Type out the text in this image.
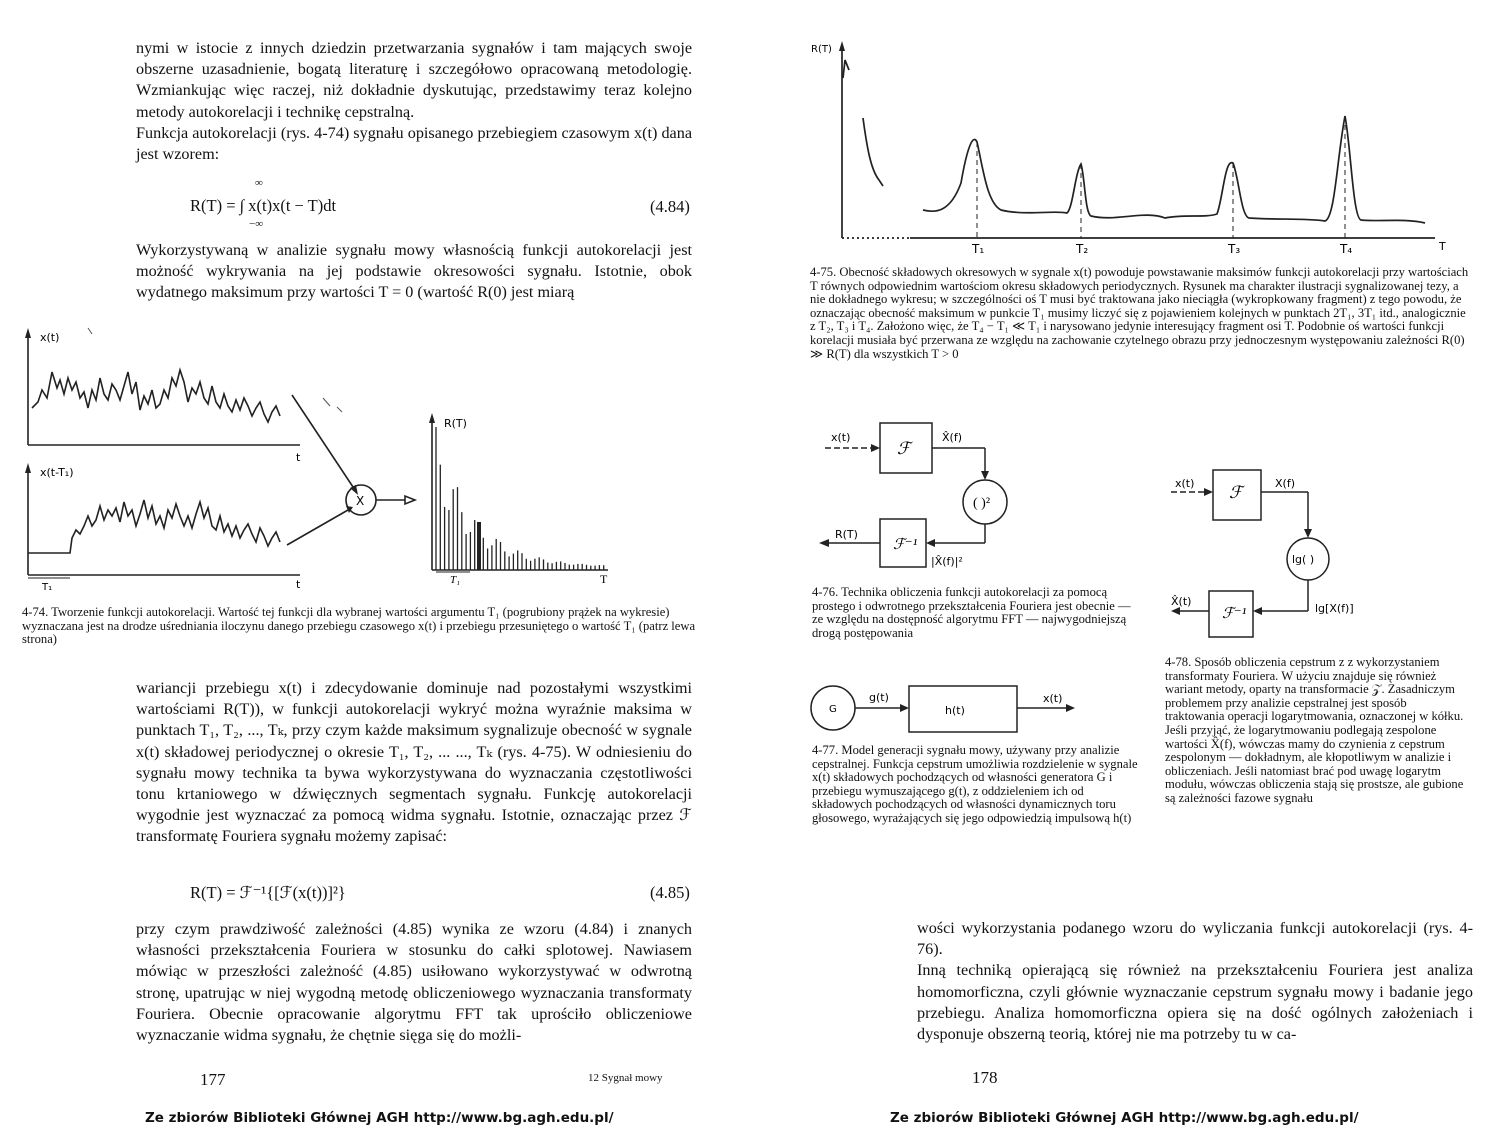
nymi w istocie z innych dziedzin przetwarzania sygnałów i tam mających swoje obszerne uzasadnienie, bogatą literaturę i szczegółowo opracowaną metodologię. Wzmiankując więc raczej, niż dokładnie dyskutując, przedstawimy teraz kolejno metody autokorelacji i technikę cepstralną.

Funkcja autokorelacji (rys. 4-74) sygnału opisanego przebiegiem czasowym x(t) dana jest wzorem:

R(T) = ∫ x(t)x(t − T)dt
∞
−∞
(4.84)
Wykorzystywaną w analizie sygnału mowy własnością funkcji autokorelacji jest możność wykrywania na jej podstawie okresowości sygnału. Istotnie, obok wydatnego maksimum przy wartości T = 0 (wartość R(0) jest miarą
x(t)
x(t-T₁)
t
t
T₁
X
R(T)
T₁	T
4-74. Tworzenie funkcji autokorelacji. Wartość tej funkcji dla wybranej wartości argumentu T₁ (pogrubiony prążek na wykresie) wyznaczana jest na drodze uśredniania iloczynu danego przebiegu czasowego x(t) i przebiegu przesuniętego o wartość T₁ (patrz lewa strona)
wariancji przebiegu x(t) i zdecydowanie dominuje nad pozostałymi wszystkimi wartościami R(T)), w funkcji autokorelacji wykryć można wyraźnie maksima w punktach T₁, T₂, ..., Tₖ, przy czym każde maksimum sygnalizuje obecność w sygnale x(t) składowej periodycznej o okresie T₁, T₂, ... ..., Tₖ (rys. 4-75). W odniesieniu do sygnału mowy technika ta bywa wykorzystywana do wyznaczania częstotliwości tonu krtaniowego w dźwięcznych segmentach sygnału. Funkcję autokorelacji wygodnie jest wyznaczać za pomocą widma sygnału. Istotnie, oznaczając przez ℱ transformatę Fouriera sygnału możemy zapisać:
R(T) = ℱ⁻¹{[ℱ(x(t))]²}	(4.85)
przy czym prawdziwość zależności (4.85) wynika ze wzoru (4.84) i znanych własności przekształcenia Fouriera w stosunku do całki splotowej. Nawiasem mówiąc w przeszłości zależność (4.85) usiłowano wykorzystywać w odwrotną stronę, upatrując w niej wygodną metodę obliczeniowego wyznaczania transformaty Fouriera. Obecnie opracowanie algorytmu FFT tak uprościło obliczeniowe wyznaczanie widma sygnału, że chętnie sięga się do możli-
177	12 Sygnał mowy
Ze zbiorów Biblioteki Głównej AGH http://www.bg.agh.edu.pl/
R(T)
T
T₁	T₂	T₃	T₄
4-75. Obecność składowych okresowych w sygnale x(t) powoduje powstawanie maksimów funkcji autokorelacji przy wartościach T równych odpowiednim wartościom okresu składowych periodycznych. Rysunek ma charakter ilustracji sygnalizowanej tezy, a nie dokładnego wykresu; w szczególności oś T musi być traktowana jako nieciągła (wykropkowany fragment) z tego powodu, że oznaczając obecność maksimum w punkcie T₁ musimy liczyć się z pojawieniem kolejnych w punktach 2T₁, 3T₁ itd., analogicznie z T₂, T₃ i T₄. Założono więc, że T₄ − T₁ ≪ T₁ i narysowano jedynie interesujący fragment osi T. Podobnie oś wartości funkcji korelacji musiała być przerwana ze względu na zachowanie czytelnego obrazu przy jednoczesnym występowaniu zależności R(0) ≫ R(T) dla wszystkich T > 0
x(t)
ℱ
X̂(f)
( )²
ℱ⁻¹
|X̂(f)|²
R(T)
4-76. Technika obliczenia funkcji autokorelacji za pomocą prostego i odwrotnego przekształcenia Fouriera jest obecnie — ze względu na dostępność algorytmu FFT — najwygodniejszą drogą postępowania
G
g(t)
h(t)
x(t)
4-77. Model generacji sygnału mowy, używany przy analizie cepstralnej. Funkcja cepstrum umożliwia rozdzielenie w sygnale x(t) składowych pochodzących od własności generatora G i przebiegu wymuszającego g(t), z oddzieleniem ich od składowych pochodzących od własności dynamicznych toru głosowego, wyrażających się jego odpowiedzią impulsową h(t)
x(t) ℱ	X(f)
lg( )
lg[X(f)]
ℱ⁻¹
X̂(t)
4-78. Sposób obliczenia cepstrum z z wykorzystaniem transformaty Fouriera. W użyciu znajduje się również wariant metody, oparty na transformacie 𝒵. Zasadniczym problemem przy analizie cepstralnej jest sposób traktowania operacji logarytmowania, oznaczonej w kółku. Jeśli przyjąć, że logarytmowaniu podlegają zespolone wartości X̂(f), wówczas mamy do czynienia z cepstrum zespolonym — dokładnym, ale kłopotliwym w analizie i obliczeniach. Jeśli natomiast brać pod uwagę logarytm modułu, wówczas obliczenia stają się prostsze, ale gubione są zależności fazowe sygnału

wości wykorzystania podanego wzoru do wyliczania funkcji autokorelacji (rys. 4-76).

Inną techniką opierającą się również na przekształceniu Fouriera jest analiza homomorficzna, czyli głównie wyznaczanie cepstrum sygnału mowy i badanie jego przebiegu. Analiza homomorficzna opiera się na dość ogólnych założeniach i dysponuje obszerną teorią, której nie ma potrzeby tu w ca-

178
Ze zbiorów Biblioteki Głównej AGH http://www.bg.agh.edu.pl/
